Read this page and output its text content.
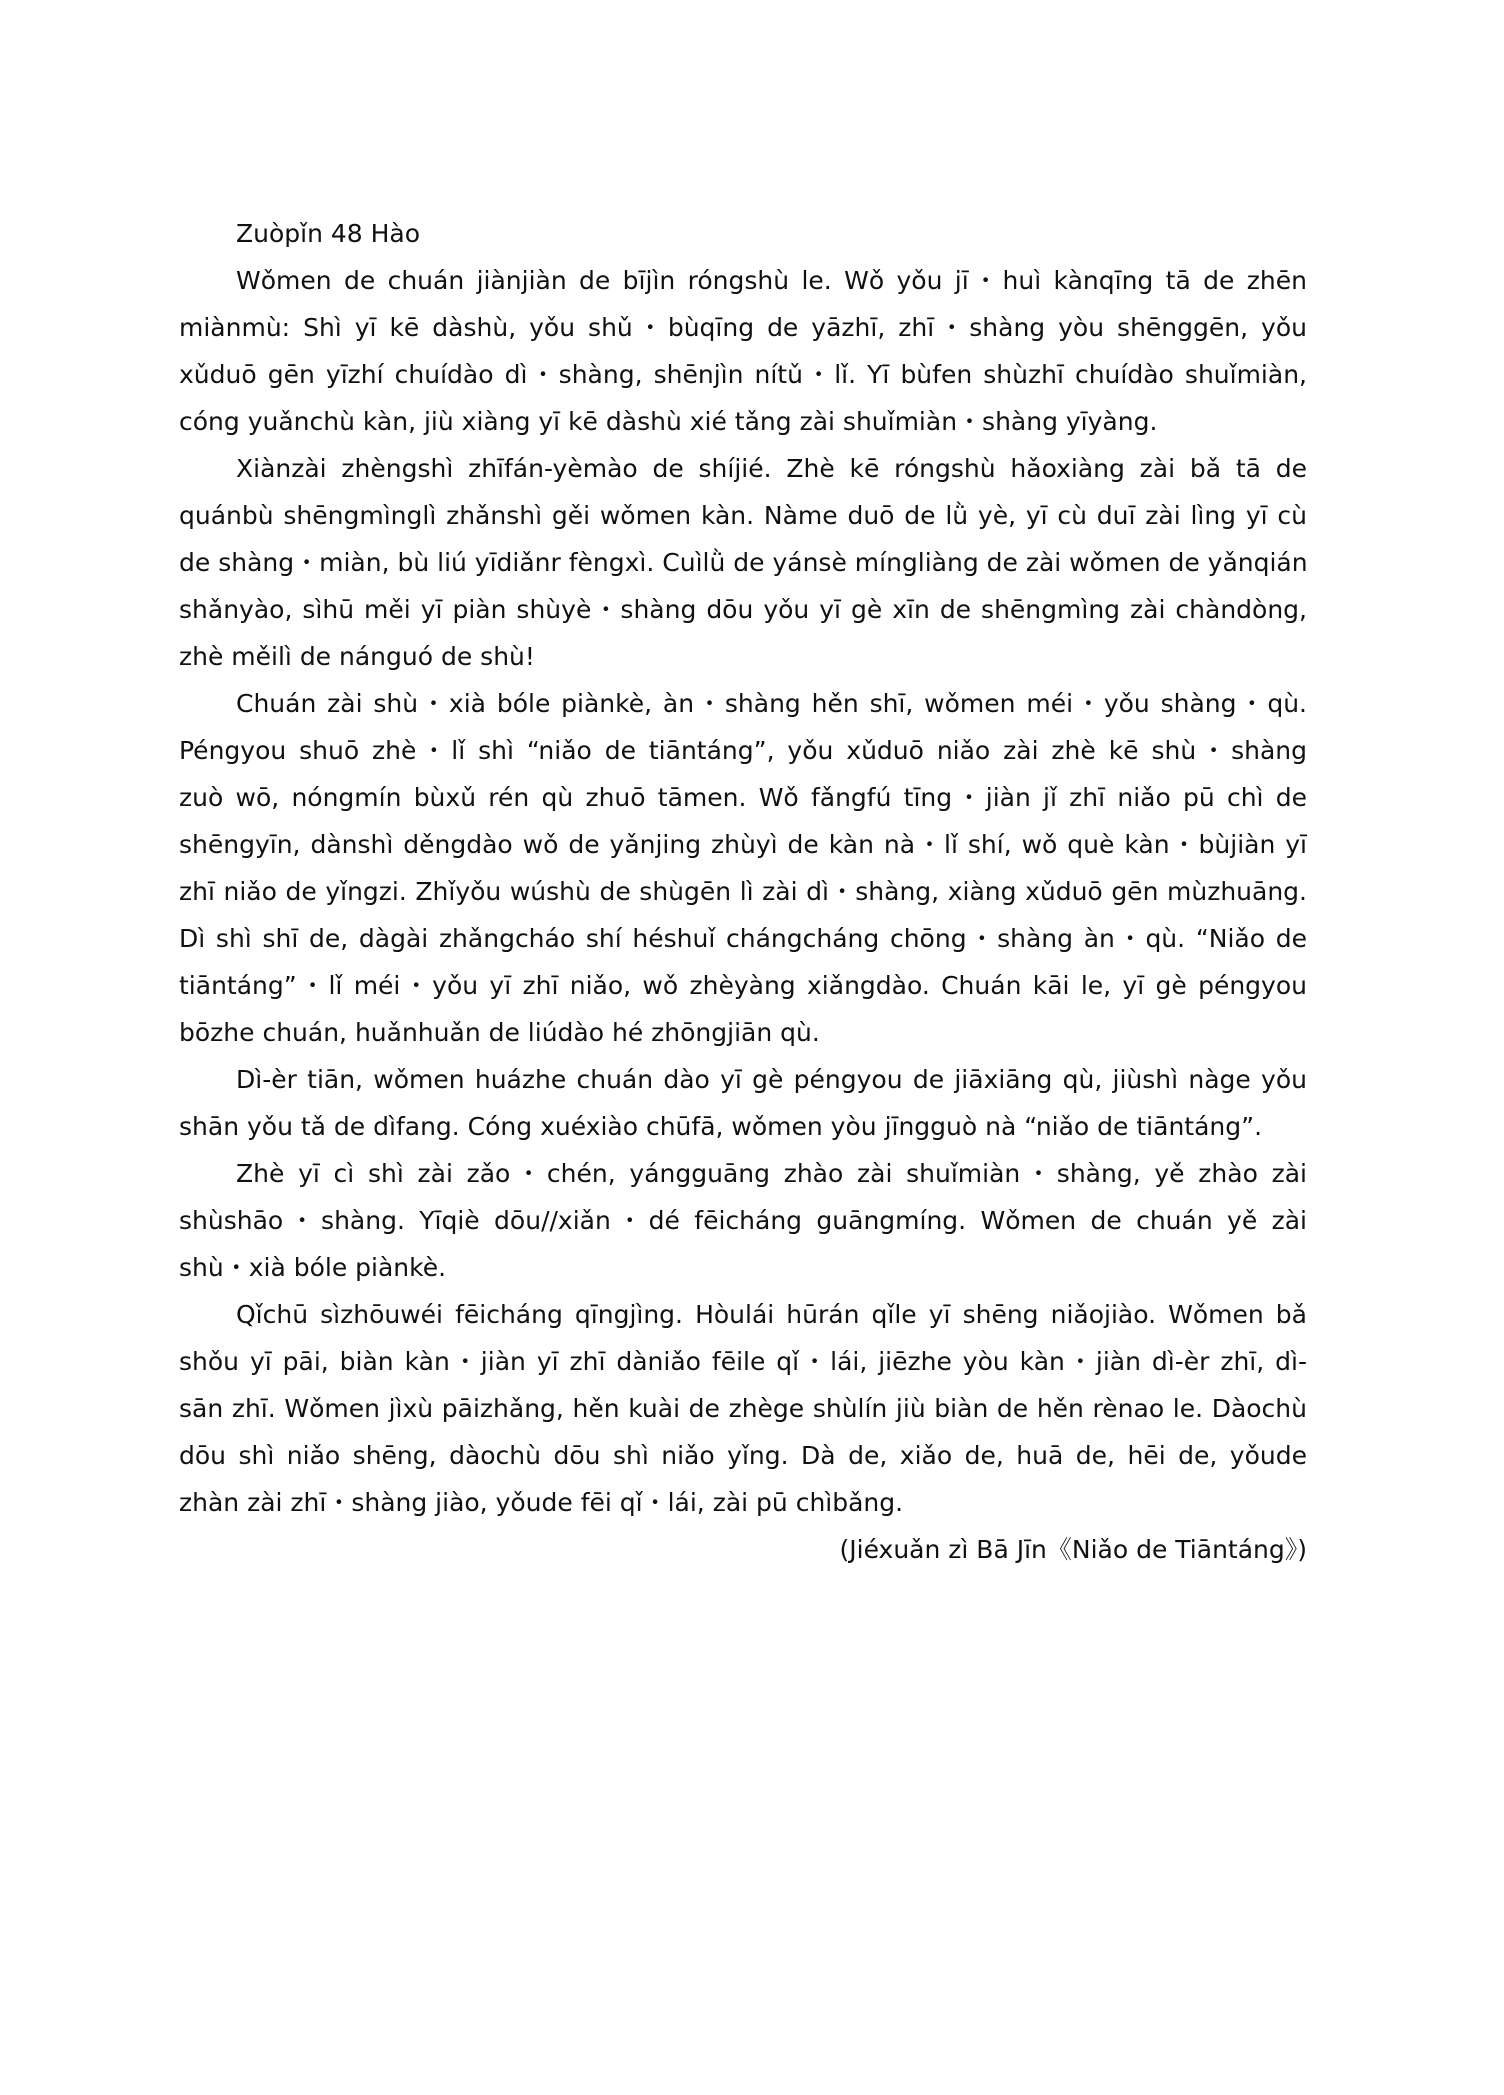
Zuòpǐn 48 Hào
Wǒmen de chuán jiànjiàn de bījìn róngshù le. Wǒ yǒu jī・huì kànqīng tā de zhēn
miànmù: Shì yī kē dàshù, yǒu shǔ・bùqīng de yāzhī, zhī・shàng yòu shēnggēn, yǒu
xǔduō gēn yīzhí chuídào dì・shàng, shēnjìn nítǔ・lǐ. Yī bùfen shùzhī chuídào shuǐmiàn,
cóng yuǎnchù kàn, jiù xiàng yī kē dàshù xié tǎng zài shuǐmiàn・shàng yīyàng.
Xiànzài zhèngshì zhīfán-yèmào de shíjié. Zhè kē róngshù hǎoxiàng zài bǎ tā de
quánbù shēngmìnglì zhǎnshì gěi wǒmen kàn. Nàme duō de lǜ yè, yī cù duī zài lìng yī cù
de shàng・miàn, bù liú yīdiǎnr fèngxì. Cuìlǜ de yánsè míngliàng de zài wǒmen de yǎnqián
shǎnyào, sìhū měi yī piàn shùyè・shàng dōu yǒu yī gè xīn de shēngmìng zài chàndòng,
zhè měilì de nánguó de shù!
Chuán zài shù・xià bóle piànkè, àn・shàng hěn shī, wǒmen méi・yǒu shàng・qù.
Péngyou shuō zhè・lǐ shì “niǎo de tiāntáng”, yǒu xǔduō niǎo zài zhè kē shù・shàng
zuò wō, nóngmín bùxǔ rén qù zhuō tāmen. Wǒ fǎngfú tīng・jiàn jǐ zhī niǎo pū chì de
shēngyīn, dànshì děngdào wǒ de yǎnjing zhùyì de kàn nà・lǐ shí, wǒ què kàn・bùjiàn yī
zhī niǎo de yǐngzi. Zhǐyǒu wúshù de shùgēn lì zài dì・shàng, xiàng xǔduō gēn mùzhuāng.
Dì shì shī de, dàgài zhǎngcháo shí héshuǐ chángcháng chōng・shàng àn・qù. “Niǎo de
tiāntáng”・lǐ méi・yǒu yī zhī niǎo, wǒ zhèyàng xiǎngdào. Chuán kāi le, yī gè péngyou
bōzhe chuán, huǎnhuǎn de liúdào hé zhōngjiān qù.
Dì-èr tiān, wǒmen huázhe chuán dào yī gè péngyou de jiāxiāng qù, jiùshì nàge yǒu
shān yǒu tǎ de dìfang. Cóng xuéxiào chūfā, wǒmen yòu jīngguò nà “niǎo de tiāntáng”.
Zhè yī cì shì zài zǎo・chén, yángguāng zhào zài shuǐmiàn・shàng, yě zhào zài
shùshāo・shàng. Yīqiè dōu//xiǎn・dé fēicháng guāngmíng. Wǒmen de chuán yě zài
shù・xià bóle piànkè.
Qǐchū sìzhōuwéi fēicháng qīngjìng. Hòulái hūrán qǐle yī shēng niǎojiào. Wǒmen bǎ
shǒu yī pāi, biàn kàn・jiàn yī zhī dàniǎo fēile qǐ・lái, jiēzhe yòu kàn・jiàn dì-èr zhī, dì-
sān zhī. Wǒmen jìxù pāizhǎng, hěn kuài de zhège shùlín jiù biàn de hěn rènao le. Dàochù
dōu shì niǎo shēng, dàochù dōu shì niǎo yǐng. Dà de, xiǎo de, huā de, hēi de, yǒude
zhàn zài zhī・shàng jiào, yǒude fēi qǐ・lái, zài pū chìbǎng.
(Jiéxuǎn zì Bā Jīn《Niǎo de Tiāntáng》)
